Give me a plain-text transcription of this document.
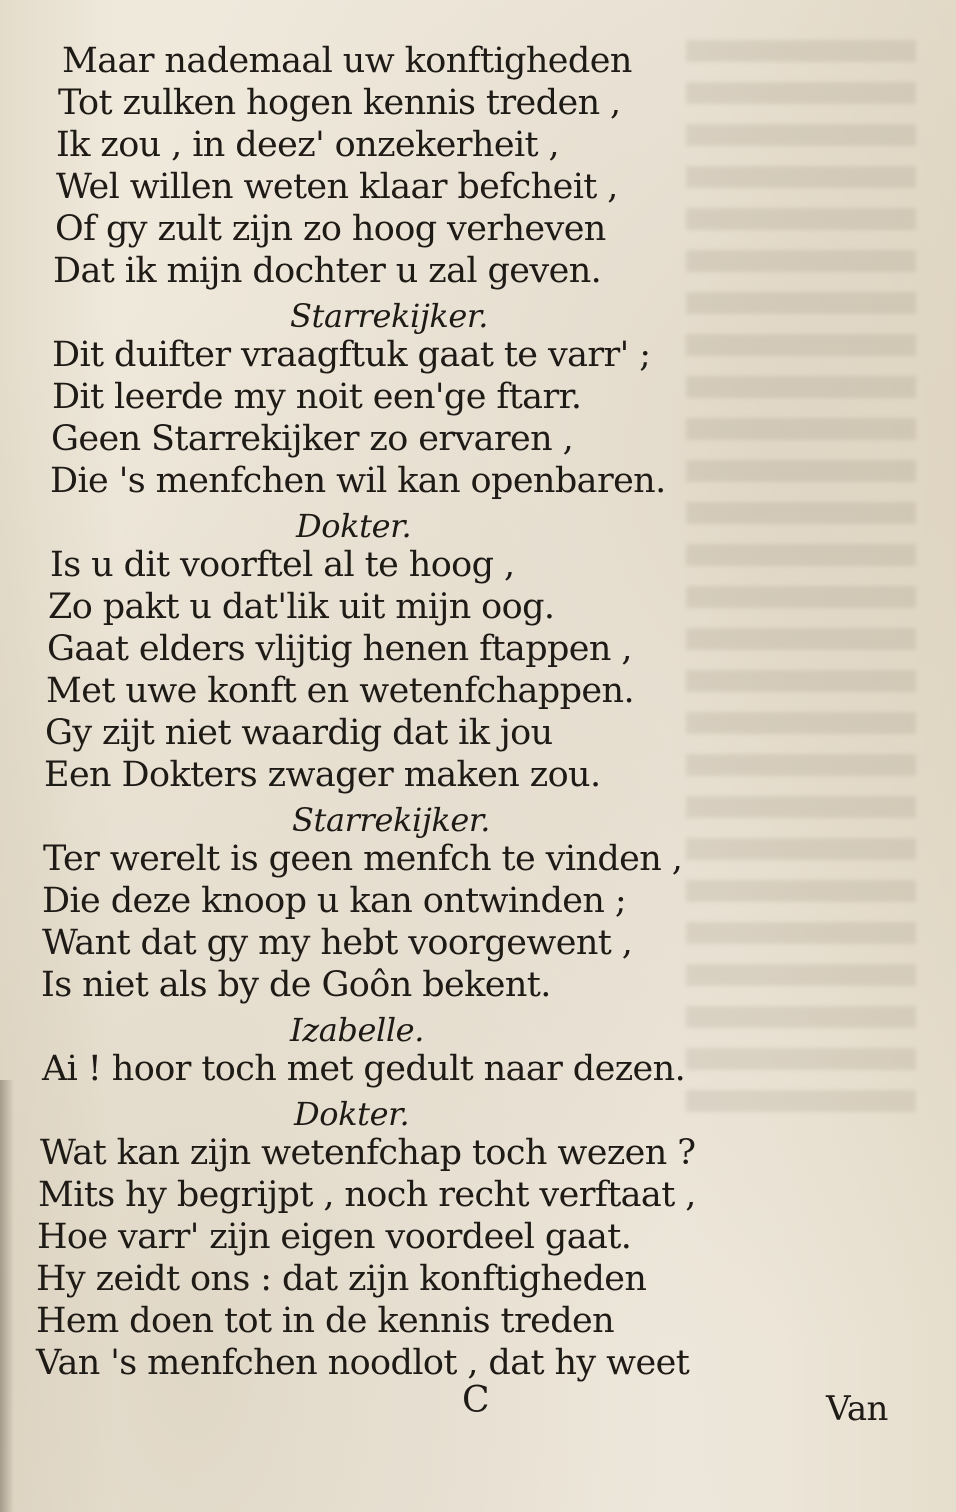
Maar nademaal uw konftigheden
Tot zulken hogen kennis treden ,
Ik zou , in deez' onzekerheit ,
Wel willen weten klaar befcheit ,
Of gy zult zijn zo hoog verheven
Dat ik mijn dochter u zal geven.
Starrekijker.
Dit duifter vraagftuk gaat te varr' ;
Dit leerde my noit een'ge ftarr.
Geen Starrekijker zo ervaren ,
Die 's menfchen wil kan openbaren.
Dokter.
Is u dit voorftel al te hoog ,
Zo pakt u dat'lik uit mijn oog.
Gaat elders vlijtig henen ftappen ,
Met uwe konft en wetenfchappen.
Gy zijt niet waardig dat ik jou
Een Dokters zwager maken zou.
Starrekijker.
Ter werelt is geen menfch te vinden ,
Die deze knoop u kan ontwinden ;
Want dat gy my hebt voorgewent ,
Is niet als by de Goôn bekent.
Izabelle.
Ai ! hoor toch met gedult naar dezen.
Dokter.
Wat kan zijn wetenfchap toch wezen ?
Mits hy begrijpt , noch recht verftaat ,
Hoe varr' zijn eigen voordeel gaat.
Hy zeidt ons : dat zijn konftigheden
Hem doen tot in de kennis treden
Van 's menfchen noodlot , dat hy weet
C	Van
